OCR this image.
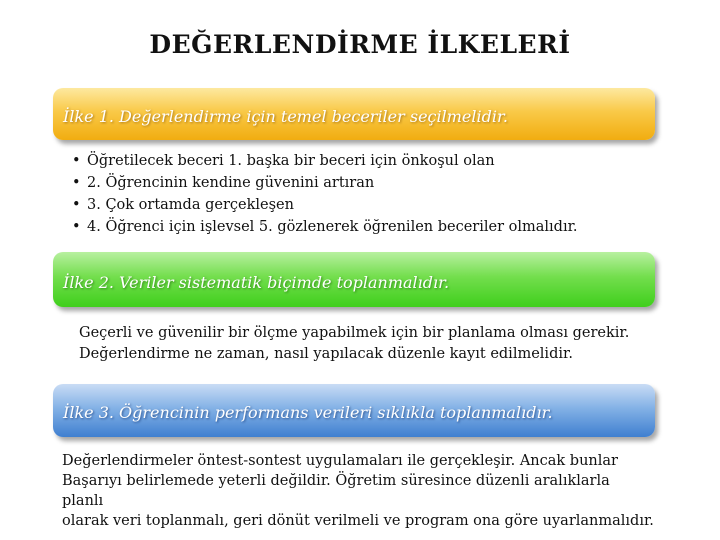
DEĞERLENDİRME İLKELERİ
İlke 1. Değerlendirme için temel beceriler seçilmelidir.
• Öğretilecek beceri 1. başka bir beceri için önkoşul olan
• 2. Öğrencinin kendine güvenini artıran
• 3. Çok ortamda gerçekleşen
• 4. Öğrenci için işlevsel 5. gözlenerek öğrenilen beceriler olmalıdır.
İlke 2. Veriler sistematik biçimde toplanmalıdır.
Geçerli ve güvenilir bir ölçme yapabilmek için bir planlama olması gerekir.
Değerlendirme ne zaman, nasıl yapılacak düzenle kayıt edilmelidir.
İlke 3. Öğrencinin performans verileri sıklıkla toplanmalıdır.
Değerlendirmeler öntest-sontest uygulamaları ile gerçekleşir. Ancak bunlar
Başarıyı belirlemede yeterli değildir. Öğretim süresince düzenli aralıklarla
planlı
olarak veri toplanmalı, geri dönüt verilmeli ve program ona göre uyarlanmalıdır.
